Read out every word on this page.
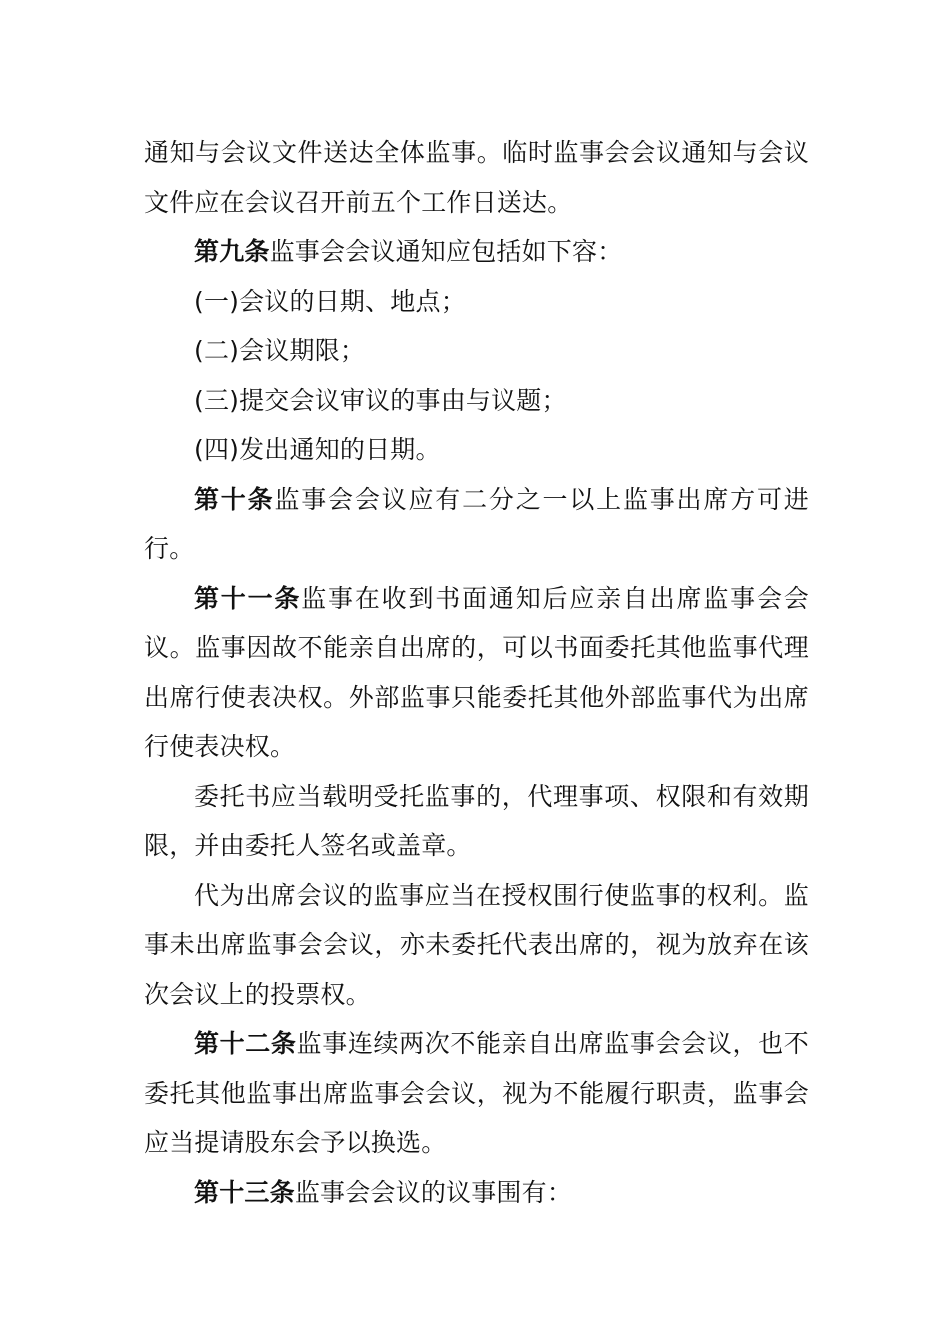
通知与会议文件送达全体监事。临时监事会会议通知与会议文件应在会议召开前五个工作日送达。

第九条监事会会议通知应包括如下容：

(一)会议的日期、地点；

(二)会议期限；

(三)提交会议审议的事由与议题；

(四)发出通知的日期。

第十条监事会会议应有二分之一以上监事出席方可进行。

第十一条监事在收到书面通知后应亲自出席监事会会议。监事因故不能亲自出席的，可以书面委托其他监事代理出席行使表决权。外部监事只能委托其他外部监事代为出席行使表决权。

委托书应当载明受托监事的，代理事项、权限和有效期限，并由委托人签名或盖章。

代为出席会议的监事应当在授权围行使监事的权利。监事未出席监事会会议，亦未委托代表出席的，视为放弃在该次会议上的投票权。

第十二条监事连续两次不能亲自出席监事会会议，也不委托其他监事出席监事会会议，视为不能履行职责，监事会应当提请股东会予以换选。

第十三条监事会会议的议事围有：
